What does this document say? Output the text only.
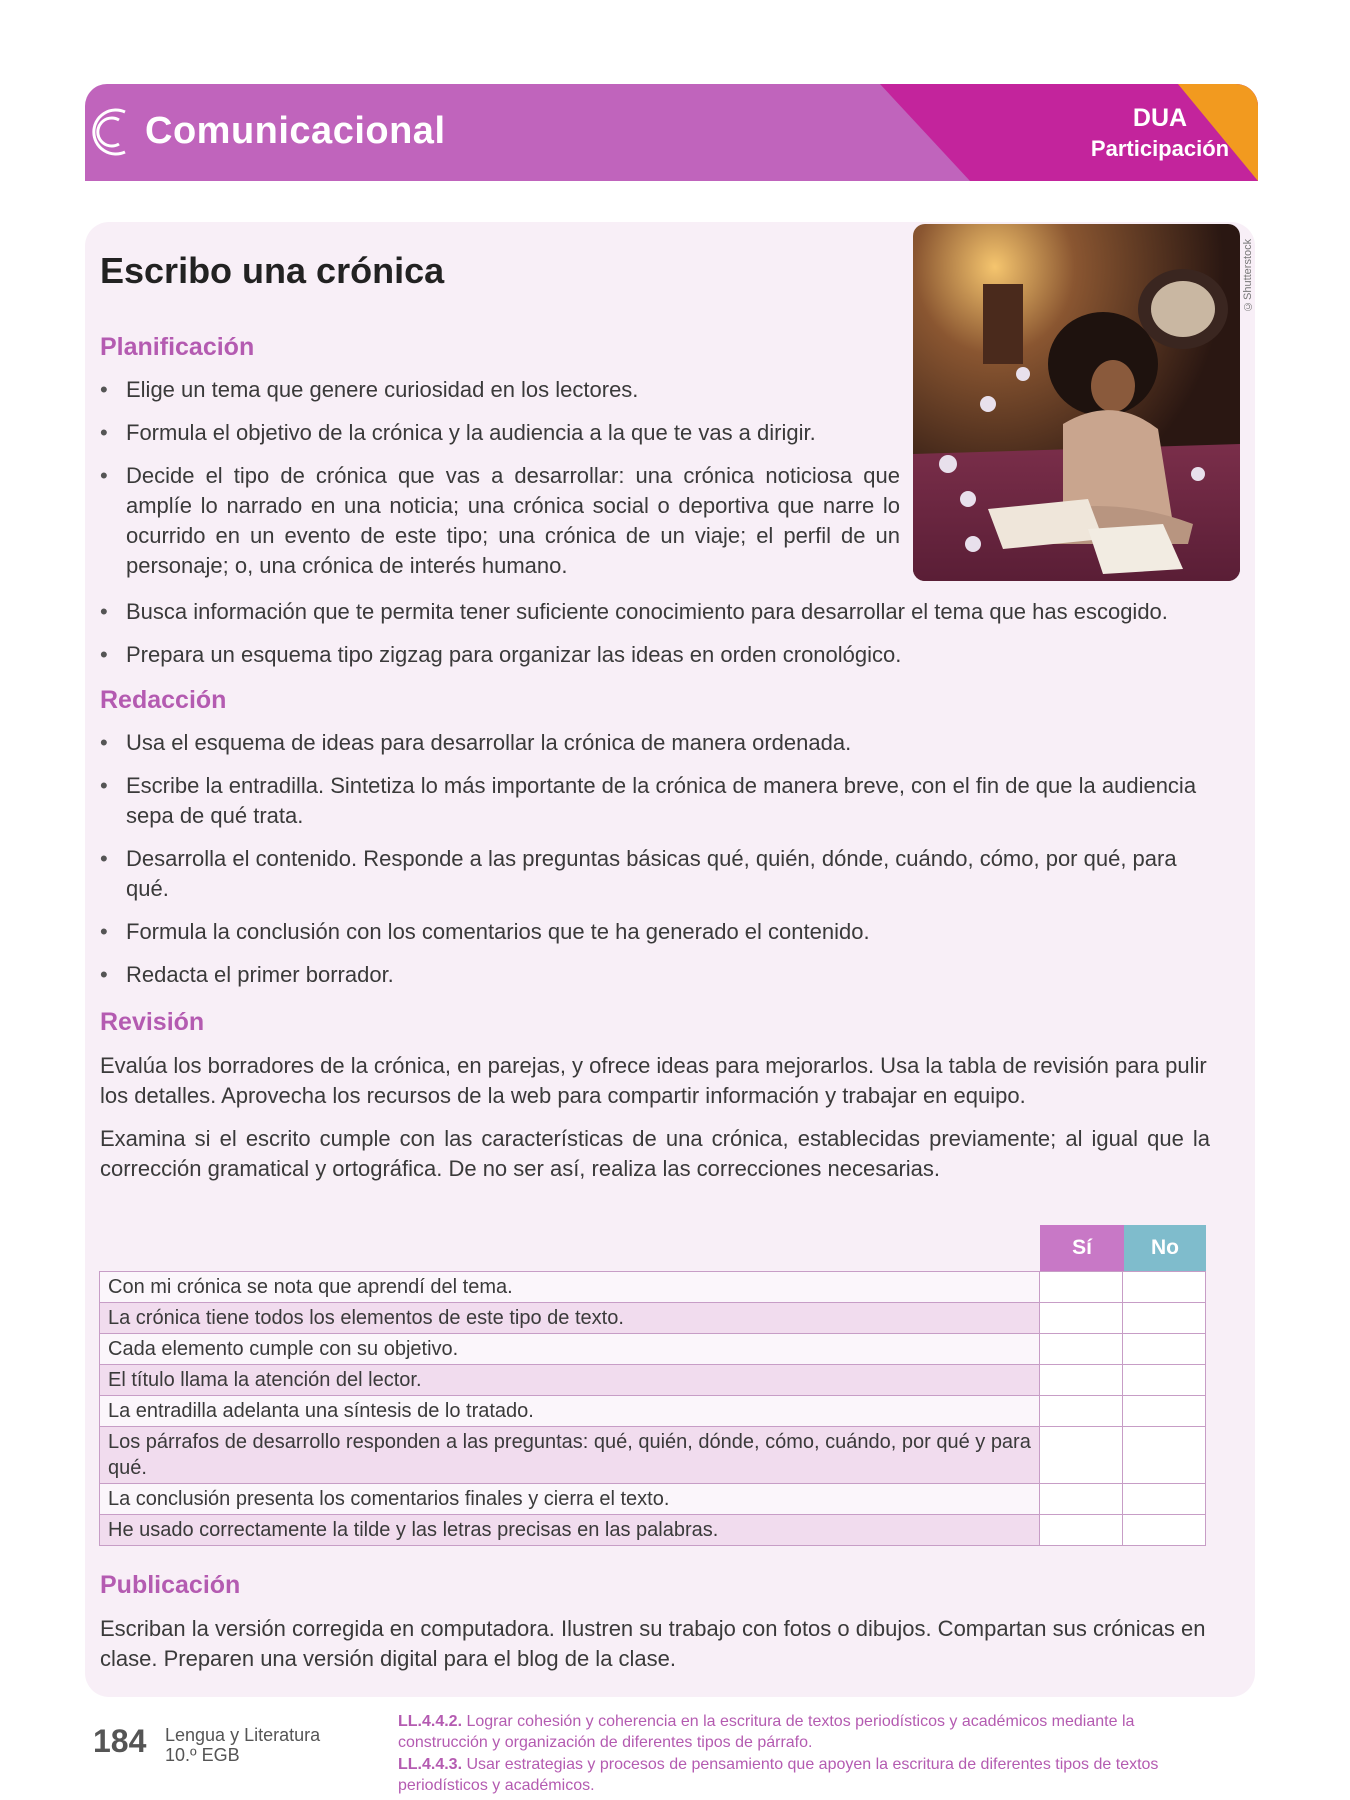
Comunicacional	DUA
Participación
©Shutterstock
Escribo una crónica
Planificación
• Elige un tema que genere curiosidad en los lectores.
• Formula el objetivo de la crónica y la audiencia a la que te vas a dirigir.
• Decide el tipo de crónica que vas a desarrollar: una crónica noticiosa que amplíe lo narrado en una noticia; una crónica social o deportiva que narre lo ocurrido en un evento de este tipo; una crónica de un viaje; el perfil de un personaje; o, una crónica de interés humano.
• Busca información que te permita tener suficiente conocimiento para desarrollar el tema que has escogido.
• Prepara un esquema tipo zigzag para organizar las ideas en orden cronológico.
Redacción
• Usa el esquema de ideas para desarrollar la crónica de manera ordenada.
• Escribe la entradilla. Sintetiza lo más importante de la crónica de manera breve, con el fin de que la audiencia sepa de qué trata.
• Desarrolla el contenido. Responde a las preguntas básicas qué, quién, dónde, cuándo, cómo, por qué, para qué.
• Formula la conclusión con los comentarios que te ha generado el contenido.
• Redacta el primer borrador.
Revisión

Evalúa los borradores de la crónica, en parejas, y ofrece ideas para mejorarlos. Usa la tabla de revisión para pulir los detalles. Aprovecha los recursos de la web para compartir información y trabajar en equipo.

Examina si el escrito cumple con las características de una crónica, establecidas previamente; al igual que la corrección gramatical y ortográfica. De no ser así, realiza las correcciones necesarias.

Sí	No
Con mi crónica se nota que aprendí del tema.		
La crónica tiene todos los elementos de este tipo de texto.		
Cada elemento cumple con su objetivo.		
El título llama la atención del lector.		
La entradilla adelanta una síntesis de lo tratado.		
Los párrafos de desarrollo responden a las preguntas: qué, quién, dónde, cómo, cuándo, por qué y para qué.		
La conclusión presenta los comentarios finales y cierra el texto.		
He usado correctamente la tilde y las letras precisas en las palabras.		
Publicación

Escriban la versión corregida en computadora. Ilustren su trabajo con fotos o dibujos. Compartan sus crónicas en clase. Preparen una versión digital para el blog de la clase.

184 Lengua y Literatura
10.º EGB
LL.4.4.2. Lograr cohesión y coherencia en la escritura de textos periodísticos y académicos mediante la construcción y organización de diferentes tipos de párrafo.
LL.4.4.3. Usar estrategias y procesos de pensamiento que apoyen la escritura de diferentes tipos de textos periodísticos y académicos.
